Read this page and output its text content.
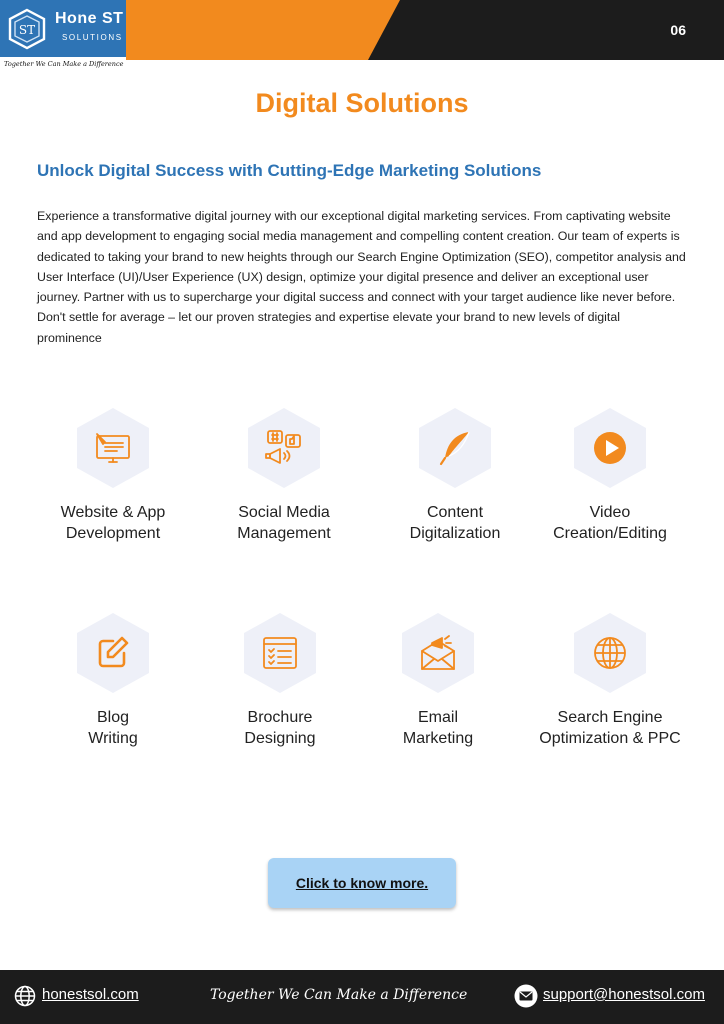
ST
Hone ST
SOLUTIONS
Together We Can Make a Difference
06
Digital Solutions
Unlock Digital Success with Cutting-Edge Marketing Solutions

Experience a transformative digital journey with our exceptional digital marketing services. From captivating website and app development to engaging social media management and compelling content creation. Our team of experts is dedicated to taking your brand to new heights through our Search Engine Optimization (SEO), competitor analysis and User Interface (UI)/User Experience (UX) design, optimize your digital presence and deliver an exceptional user journey. Partner with us to supercharge your digital success and connect with your target audience like never before. Don't settle for average – let our proven strategies and expertise elevate your brand to new levels of digital prominence

Website & App
Development
Social Media
Management
Content
Digitalization
Video
Creation/Editing
Blog
Writing
Brochure
Designing
Email
Marketing
Search Engine
Optimization & PPC
Click to know more.
honestsol.com	Together We Can Make a Difference	support@honestsol.com
